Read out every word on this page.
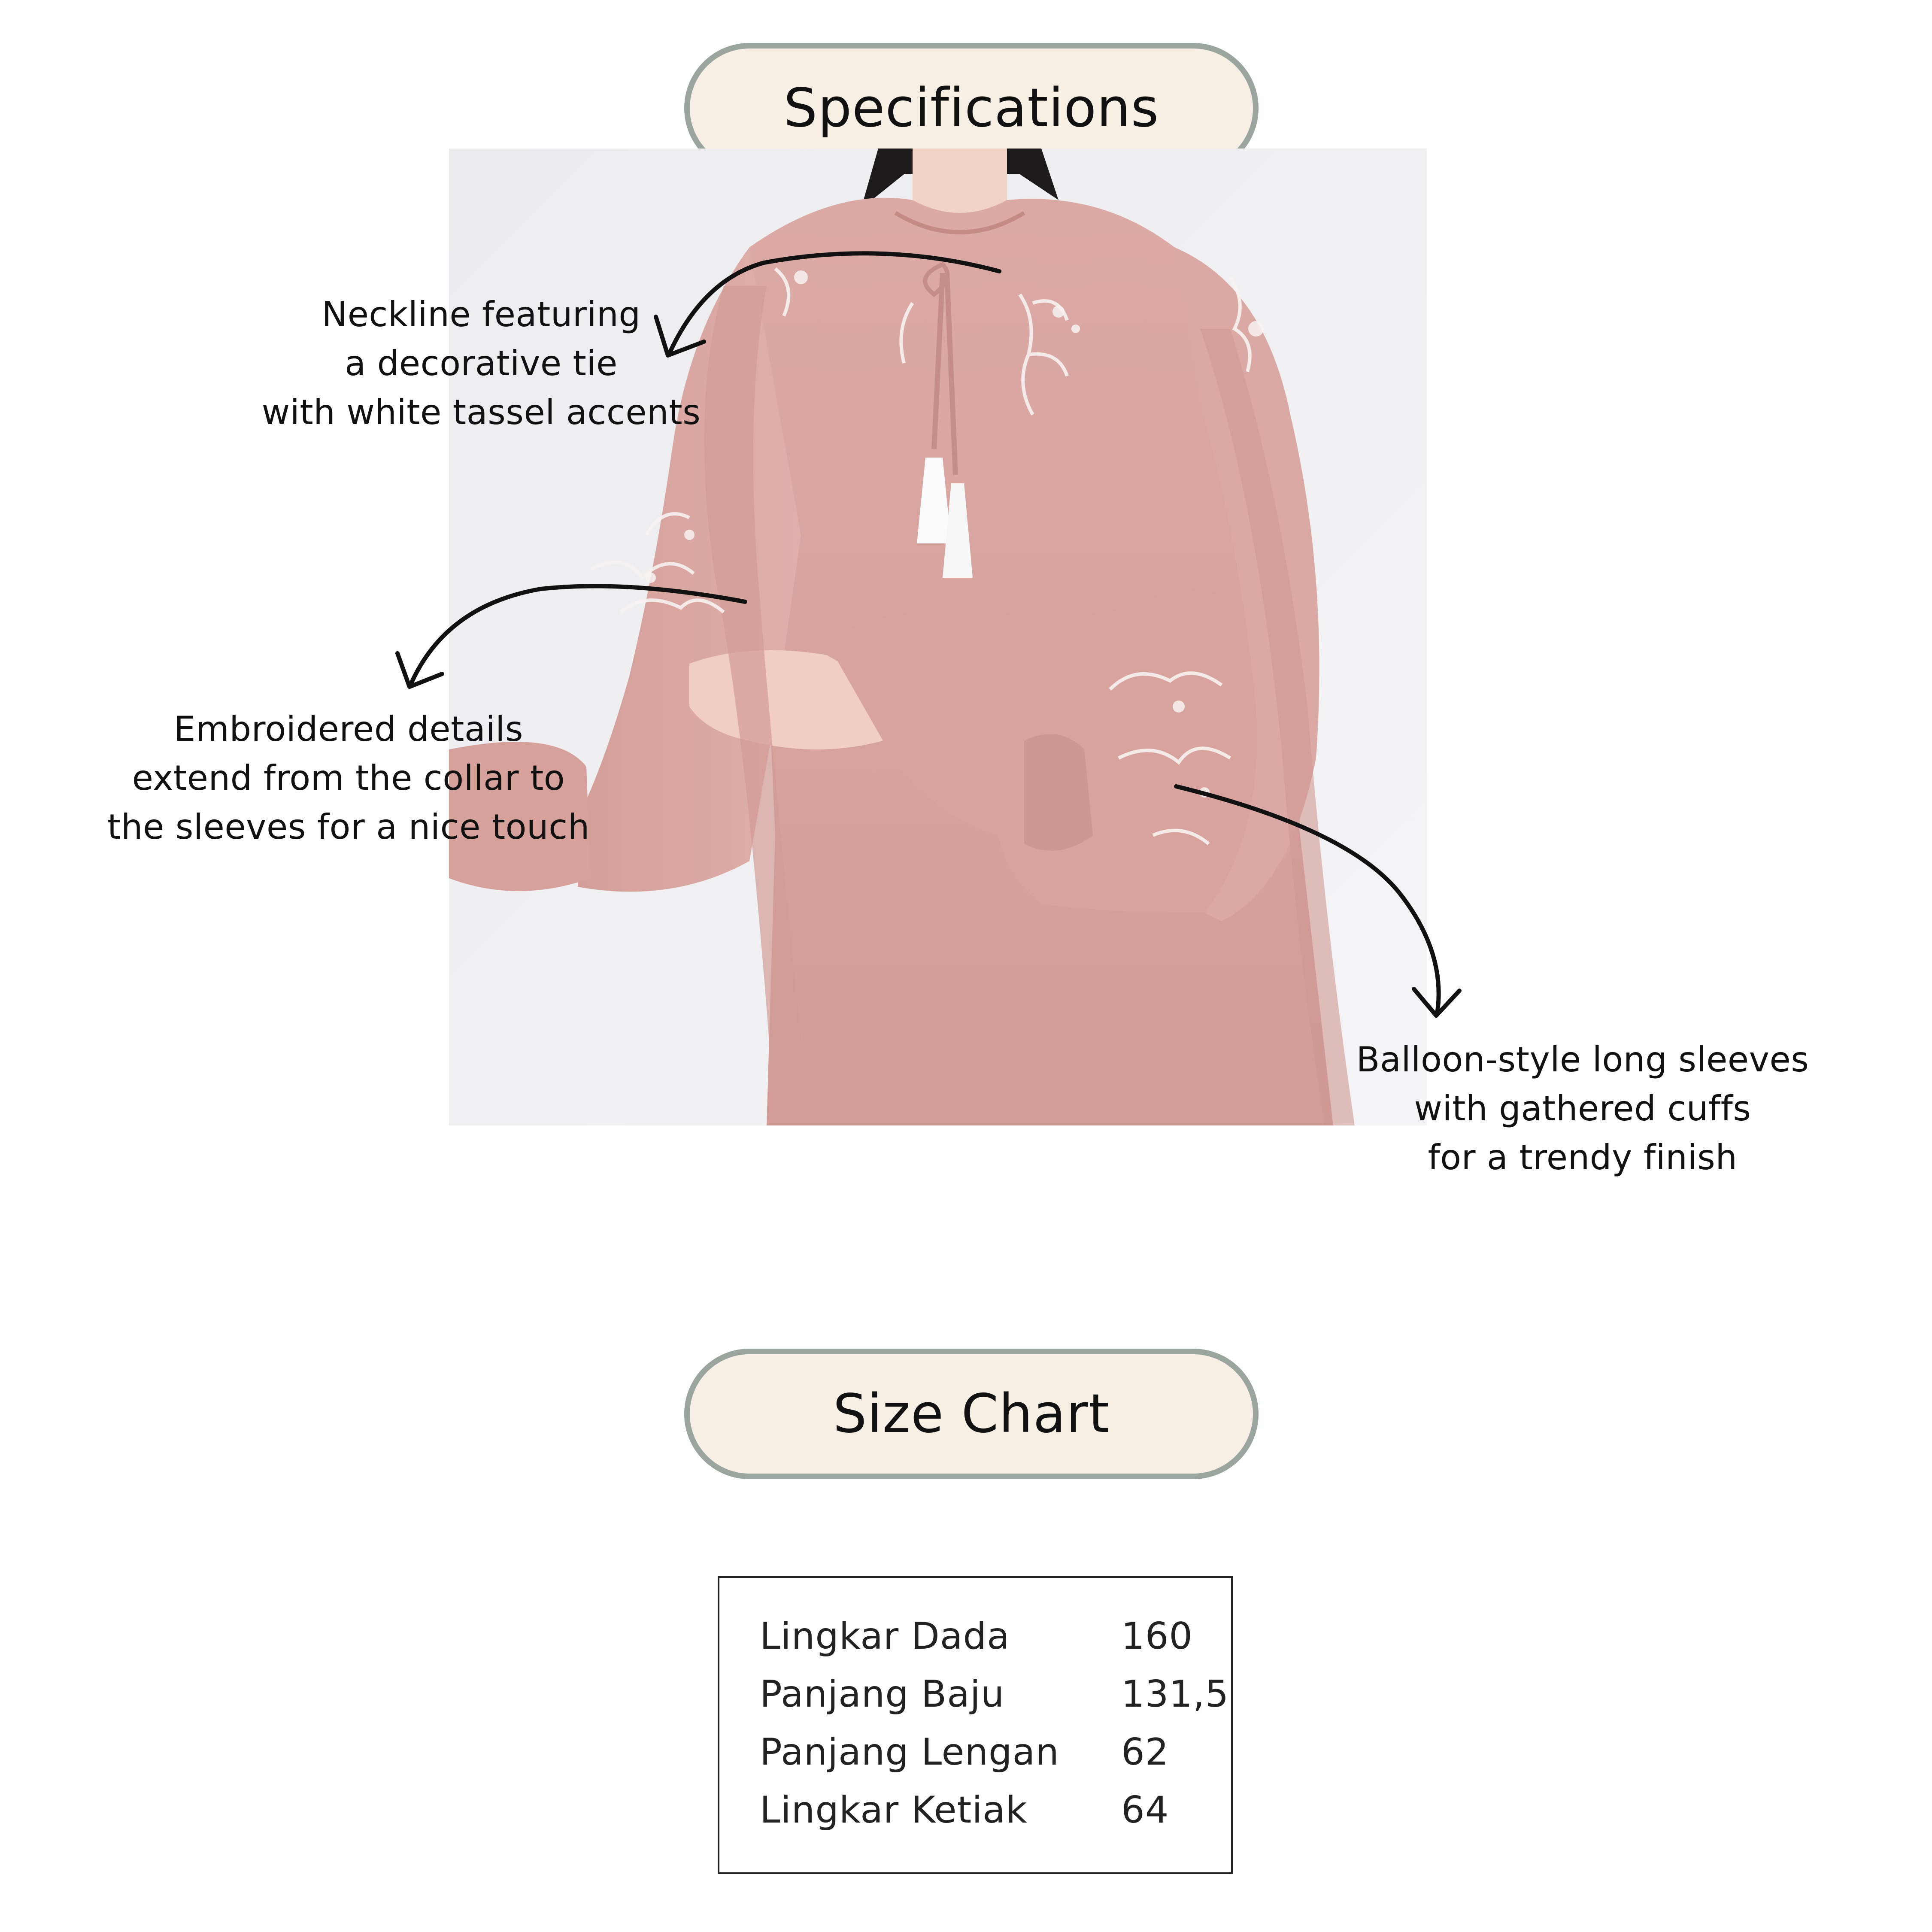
Specifications
Neckline featuring
a decorative tie
with white tassel accents
Embroidered details
extend from the collar to
the sleeves for a nice touch
Balloon-style long sleeves
with gathered cuffs
for a trendy finish
Size Chart
Lingkar Dada	160
Panjang Baju	131,5
Panjang Lengan 62
Lingkar Ketiak	64
